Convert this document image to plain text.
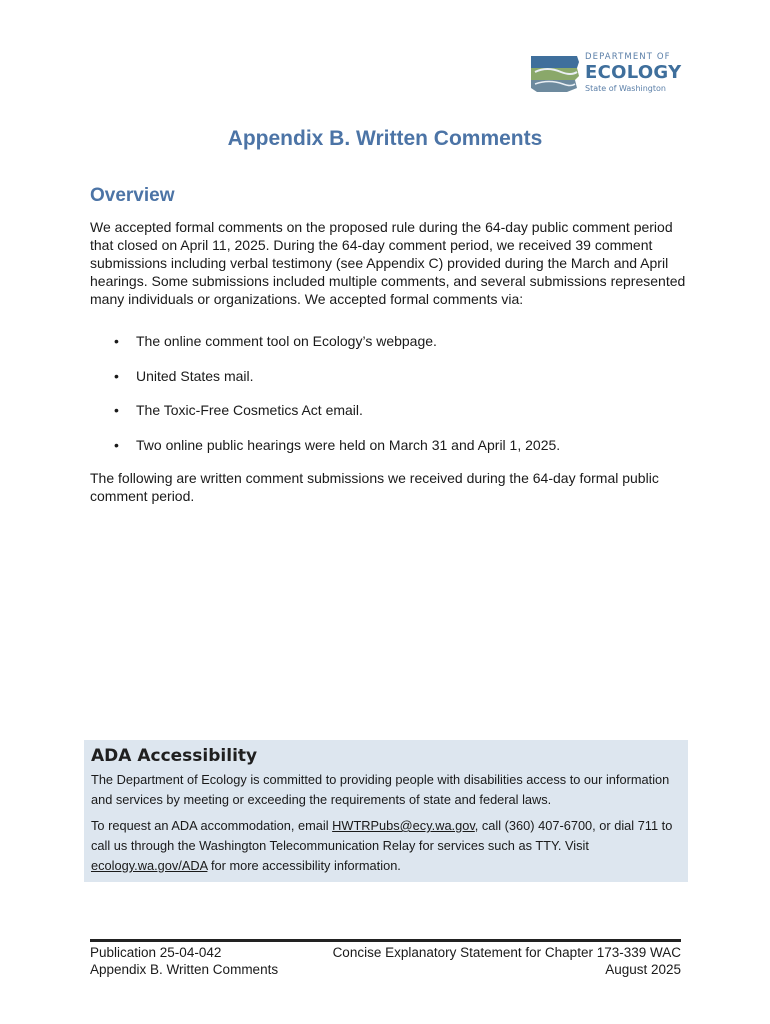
DEPARTMENT OF
ECOLOGY
State of Washington
Appendix B. Written Comments
Overview

We accepted formal comments on the proposed rule during the 64-day public comment period that closed on April 11, 2025. During the 64-day comment period, we received 39 comment submissions including verbal testimony (see Appendix C) provided during the March and April hearings. Some submissions included multiple comments, and several submissions represented many individuals or organizations. We accepted formal comments via:

• The online comment tool on Ecology’s webpage.
• United States mail.
• The Toxic-Free Cosmetics Act email.
• Two online public hearings were held on March 31 and April 1, 2025.

The following are written comment submissions we received during the 64-day formal public comment period.

ADA Accessibility

The Department of Ecology is committed to providing people with disabilities access to our information and services by meeting or exceeding the requirements of state and federal laws.

To request an ADA accommodation, email HWTRPubs@ecy.wa.gov, call (360) 407-6700, or dial 711 to call us through the Washington Telecommunication Relay for services such as TTY. Visit ecology.wa.gov/ADA for more accessibility information.

Publication 25-04-042
Appendix B. Written Comments
Concise Explanatory Statement for Chapter 173-339 WAC
August 2025
